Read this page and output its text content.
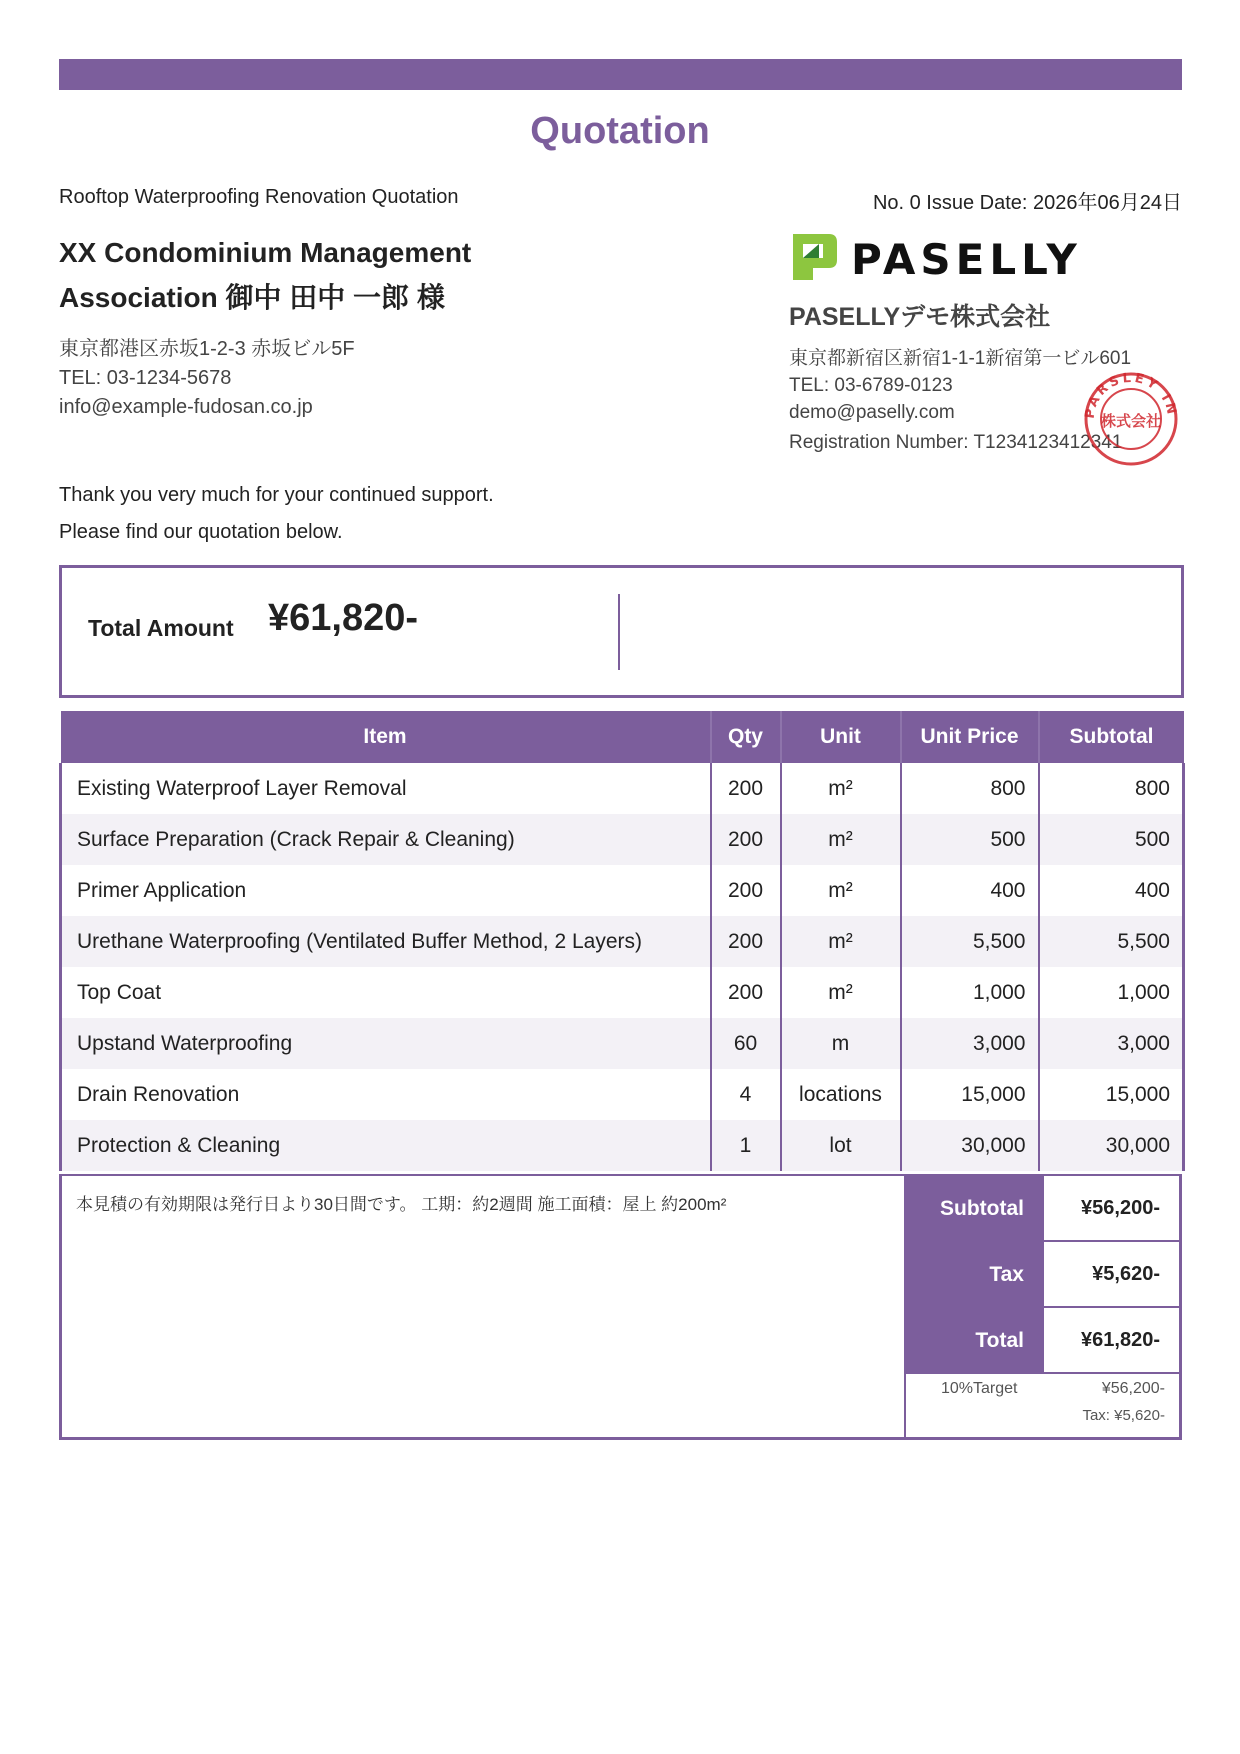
Quotation
Rooftop Waterproofing Renovation Quotation	No. 0 Issue Date: 2026年06月24日
XX Condominium Management Association 御中 田中 一郎 様
東京都港区赤坂1-2-3 赤坂ビル5F
TEL: 03-1234-5678
info@example-fudosan.co.jp
PASELLY
PASELLYデモ株式会社
東京都新宿区新宿1-1-1新宿第一ビル601
TEL: 03-6789-0123
demo@paselly.com
Registration Number: T1234123412341
PARSLEY IN
株式会社
Thank you very much for your continued support.
Please find our quotation below.
Total Amount ¥61,820-
Item	Qty	Unit	Unit Price	Subtotal
Existing Waterproof Layer Removal	200	m²	800	800
Surface Preparation (Crack Repair & Cleaning)	200	m²	500	500
Primer Application	200	m²	400	400
Urethane Waterproofing (Ventilated Buffer Method, 2 Layers)	200	m²	5,500	5,500
Top Coat	200	m²	1,000	1,000
Upstand Waterproofing	60	m	3,000	3,000
Drain Renovation	4	locations	15,000	15,000
Protection & Cleaning	1	lot	30,000	30,000
本見積の有効期限は発行日より30日間です。 工期：約2週間 施工面積：屋上 約200m²	Subtotal	¥56,200-
Tax	¥5,620-
Total	¥61,820-
10%Target	¥56,200-
Tax: ¥5,620-
